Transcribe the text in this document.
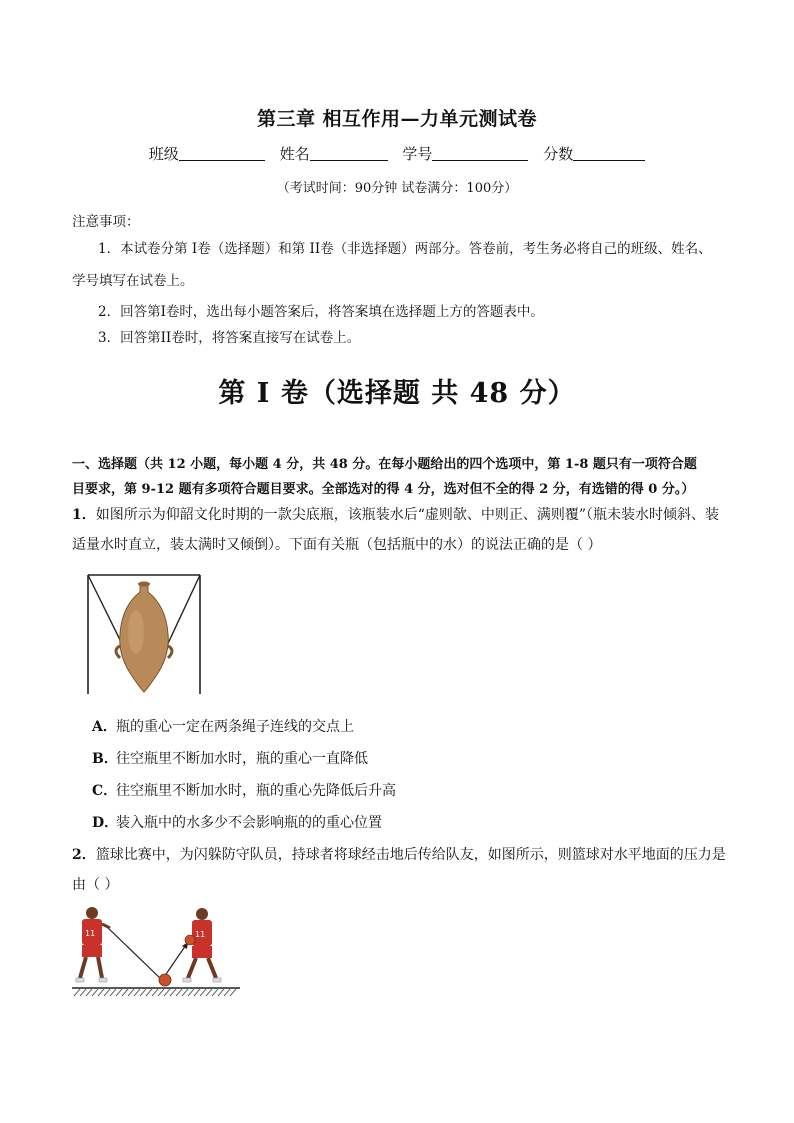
第三章 相互作用—力单元测试卷
班级	姓名	学号	分数
（考试时间：90分钟 试卷满分：100分）
注意事项：
1．本试卷分第 I卷（选择题）和第 II卷（非选择题）两部分。答卷前，考生务必将自己的班级、姓名、
学号填写在试卷上。
2．回答第I卷时，选出每小题答案后，将答案填在选择题上方的答题表中。
3．回答第II卷时，将答案直接写在试卷上。
第 I 卷（选择题 共 48 分）
一、选择题（共 12 小题，每小题 4 分，共 48 分。在每小题给出的四个选项中，第 1-8 题只有一项符合题
目要求，第 9-12 题有多项符合题目要求。全部选对的得 4 分，选对但不全的得 2 分，有选错的得 0 分。）
1．如图所示为仰韶文化时期的一款尖底瓶，该瓶装水后“虚则欹、中则正、满则覆”（瓶未装水时倾斜、装
适量水时直立，装太满时又倾倒）。下面有关瓶（包括瓶中的水）的说法正确的是（ ）
A．瓶的重心一定在两条绳子连线的交点上
B．往空瓶里不断加水时，瓶的重心一直降低
C．往空瓶里不断加水时，瓶的重心先降低后升高
D．装入瓶中的水多少不会影响瓶的的重心位置
2．篮球比赛中，为闪躲防守队员，持球者将球经击地后传给队友，如图所示，则篮球对水平地面的压力是
由（ ）
11	11
